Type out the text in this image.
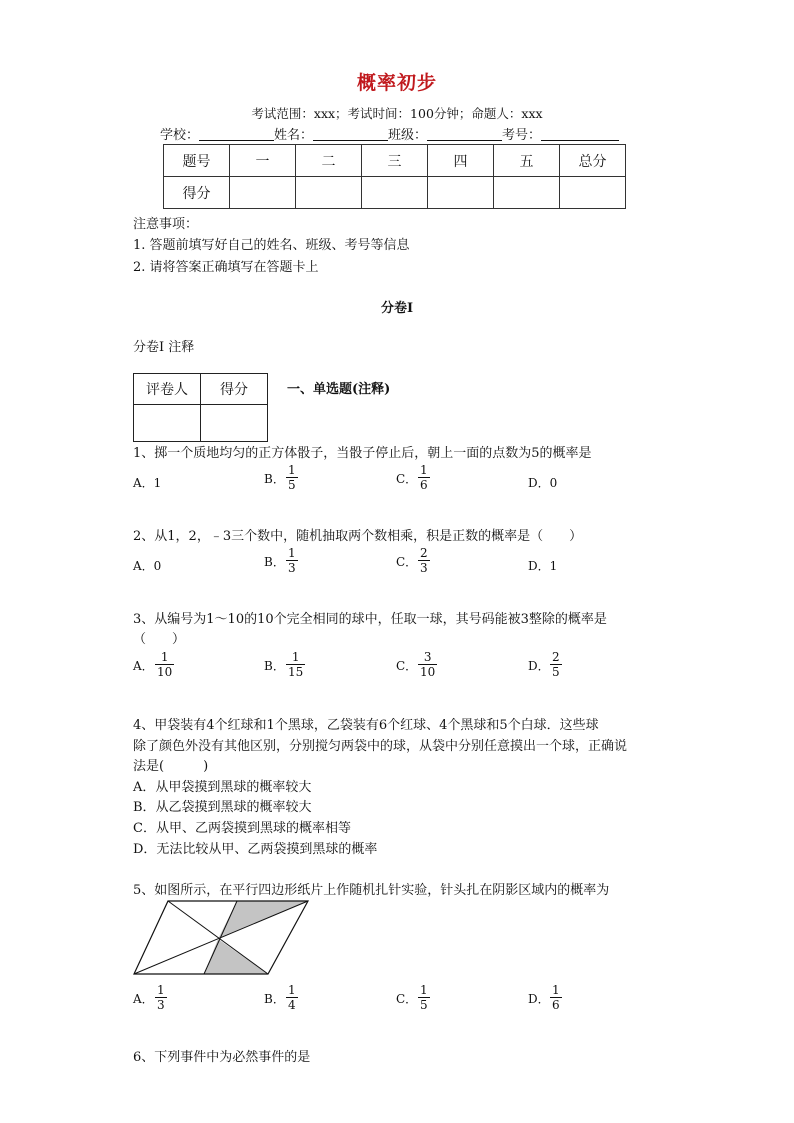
概率初步
考试范围：xxx；考试时间：100分钟；命题人：xxx
学校：	姓名：	班级：	考号：
题号	一	二	三	四	五	总分
得分						
注意事项：
1. 答题前填写好自己的姓名、班级、考号等信息
2. 请将答案正确填写在答题卡上
分卷I
分卷I 注释
评卷人	得分
		一、单选题(注释)
1、掷一个质地均匀的正方体骰子，当骰子停止后，朝上一面的点数为5的概率是
A．1	B． $\frac{1}{5}$	C． $\frac{1}{6}$	D．0
2、从1，2，﹣3三个数中，随机抽取两个数相乘，积是正数的概率是（　　）
A．0	B． $\frac{1}{3}$	C． $\frac{2}{3}$	D．1
3、从编号为1～10的10个完全相同的球中，任取一球，其号码能被3整除的概率是
（　　）
A． $\frac{1}{10}$	B． $\frac{1}{15}$	C． $\frac{3}{10}$	D． $\frac{2}{5}$
4、甲袋装有4个红球和1个黑球，乙袋装有6个红球、4个黑球和5个白球．这些球
除了颜色外没有其他区别，分别搅匀两袋中的球，从袋中分别任意摸出一个球，正确说
法是(　　　)
A．从甲袋摸到黑球的概率较大
B．从乙袋摸到黑球的概率较大
C．从甲、乙两袋摸到黑球的概率相等
D．无法比较从甲、乙两袋摸到黑球的概率
5、如图所示，在平行四边形纸片上作随机扎针实验，针头扎在阴影区域内的概率为
A． $\frac{1}{3}$	B． $\frac{1}{4}$	C． $\frac{1}{5}$	D． $\frac{1}{6}$
6、下列事件中为必然事件的是
